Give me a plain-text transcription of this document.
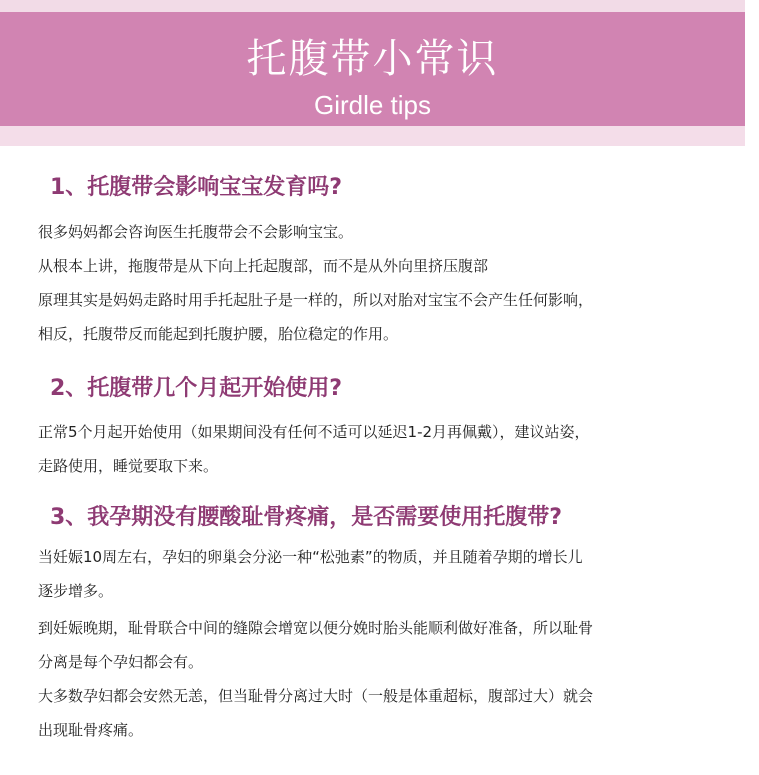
托腹带小常识
Girdle tips
1、托腹带会影响宝宝发育吗?
很多妈妈都会咨询医生托腹带会不会影响宝宝。
从根本上讲，拖腹带是从下向上托起腹部，而不是从外向里挤压腹部
原理其实是妈妈走路时用手托起肚子是一样的，所以对胎对宝宝不会产生任何影响，
相反，托腹带反而能起到托腹护腰，胎位稳定的作用。
2、托腹带几个月起开始使用?
正常5个月起开始使用（如果期间没有任何不适可以延迟1-2月再佩戴），建议站姿，
走路使用，睡觉要取下来。
3、我孕期没有腰酸耻骨疼痛，是否需要使用托腹带?
当妊娠10周左右，孕妇的卵巢会分泌一种“松弛素”的物质，并且随着孕期的增长儿
逐步增多。
到妊娠晚期，耻骨联合中间的缝隙会增宽以便分娩时胎头能顺利做好准备，所以耻骨
分离是每个孕妇都会有。
大多数孕妇都会安然无恙，但当耻骨分离过大时（一般是体重超标，腹部过大）就会
出现耻骨疼痛。
